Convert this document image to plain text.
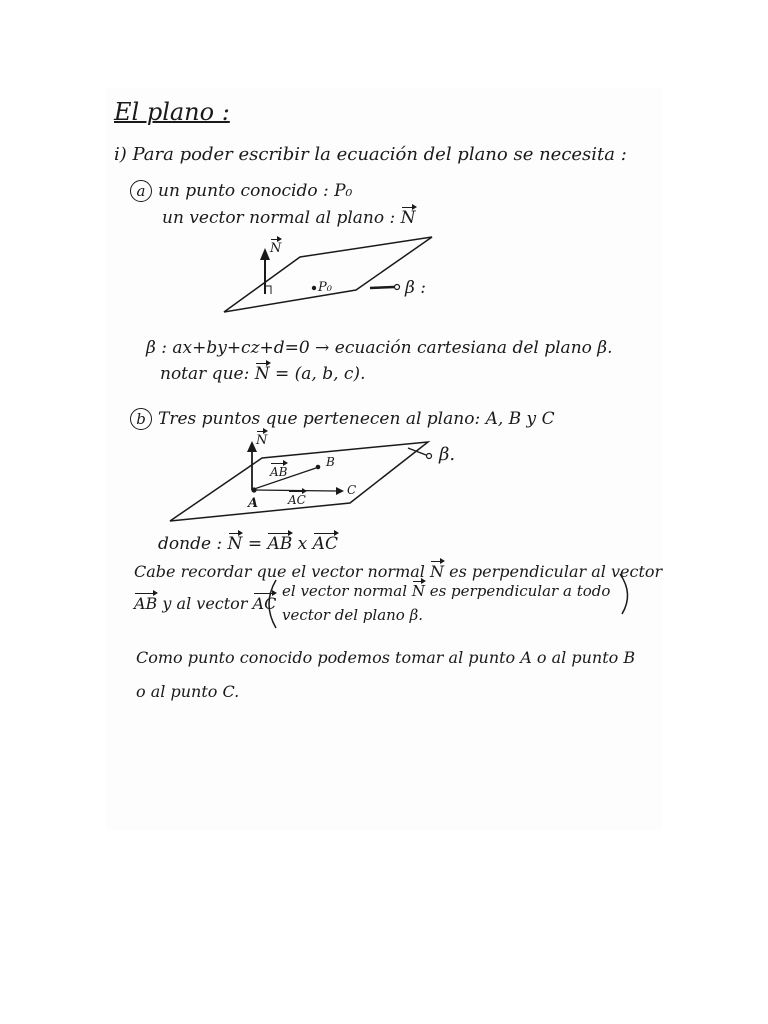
El plano :
i) Para poder escribir la ecuación del plano se necesita :
a un punto conocido : P₀
un vector normal al plano : N
N
P₀	β :
β : ax+by+cz+d=0 → ecuación cartesiana del plano β.
notar que: N = (a, b, c).
b Tres puntos que pertenecen al plano: A, B y C
N
AB
B
C
AC
A
β.
donde : N = AB x AC
Cabe recordar que el vector normal N es perpendicular al vector
AB y al vector AC
el vector normal N es perpendicular a todo
vector del plano β.
Como punto conocido podemos tomar al punto A o al punto B
o al punto C.
